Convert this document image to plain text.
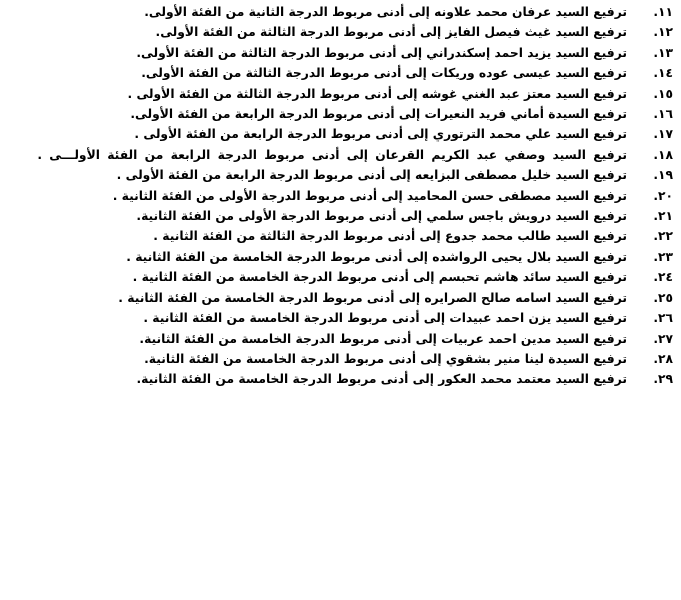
١١.
ترفيع السيد عرفان محمد علاونه إلى أدنى مربوط الدرجة الثانية من الفئة الأولى.
١٢.
ترفيع السيد غيث فيصل الفايز إلى أدنى مربوط الدرجة الثالثة من الفئة الأولى.
١٣.
ترفيع السيد يزيد احمد إسكندراني إلى أدنى مربوط الدرجة الثالثة من الفئة الأولى.
١٤.
ترفيع السيد عيسى عوده وريكات إلى أدنى مربوط الدرجة الثالثة من الفئة الأولى.
١٥.
ترفيع السيد معتز عبد الغني غوشه إلى أدنى مربوط الدرجة الثالثة من الفئة الأولى .
١٦.
ترفيع السيدة أماني فريد النعيرات إلى أدنى مربوط الدرجة الرابعة من الفئة الأولى.
١٧.
ترفيع السيد علي محمد الترتوري إلى أدنى مربوط الدرجة الرابعة من الفئة الأولى .
١٨.
ترفيع السيد وصفي عبد الكريم القرعان إلى أدنى مربوط الدرجة الرابعة من الفئة الأولـــى .
١٩.
ترفيع السيد خليل مصطفى البزايعه إلى أدنى مربوط الدرجة الرابعة من الفئة الأولى .
٢٠.
ترفيع السيد مصطفى حسن المحاميد إلى أدنى مربوط الدرجة الأولى من الفئة الثانية .
٢١.
ترفيع السيد درويش باجس سلمي إلى أدنى مربوط الدرجة الأولى من الفئة الثانية.
٢٢.
ترفيع السيد طالب محمد جدوع إلى أدنى مربوط الدرجة الثالثة من الفئة الثانية .
٢٣.
ترفيع السيد بلال يحيى الرواشده إلى أدنى مربوط الدرجة الخامسة من الفئة الثانية .
٢٤.
ترفيع السيد سائد هاشم تحبسم إلى أدنى مربوط الدرجة الخامسة من الفئة الثانية .
٢٥.
ترفيع السيد اسامه صالح الصرايره إلى أدنى مربوط الدرجة الخامسة من الفئة الثانية .
٢٦.
ترفيع السيد يزن احمد عبيدات إلى أدنى مربوط الدرجة الخامسة من الفئة الثانية .
٢٧.
ترفيع السيد مدين احمد عربيات إلى أدنى مربوط الدرجة الخامسة من الفئة الثانية.
٢٨.
ترفيع السيدة لينا منير بشقوي إلى أدنى مربوط الدرجة الخامسة من الفئة الثانية.
٢٩.
ترفيع السيد معتمد محمد العكور إلى أدنى مربوط الدرجة الخامسة من الفئة الثانية.
